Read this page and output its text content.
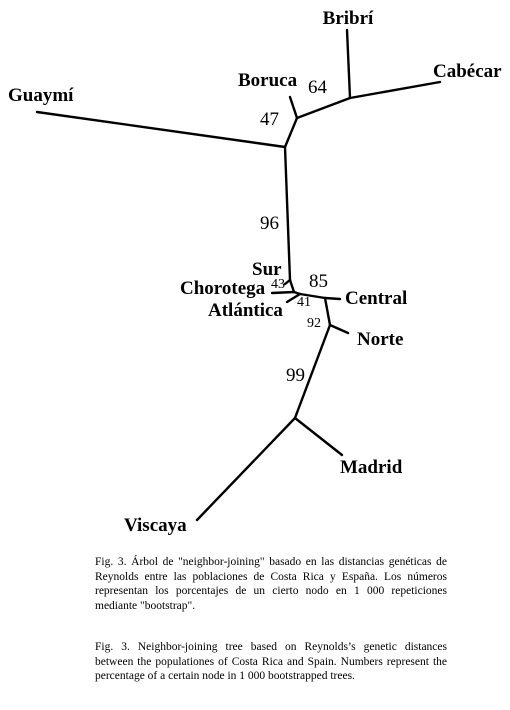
Bribrí
Cabécar
Boruca
Guaymí
Sur
Chorotega
Atlántica
Central
Norte
Madrid
Viscaya
64
47
96
43 85
41
92
99

Fig. 3. Árbol de "neighbor-joining" basado en las distancias genéticas de Reynolds entre las poblaciones de Costa Rica y España. Los números representan los porcentajes de un cierto nodo en 1 000 repeticiones mediante "bootstrap".

Fig. 3. Neighbor-joining tree based on Reynolds’s genetic distances between the populationes of Costa Rica and Spain. Numbers represent the percentage of a certain node in 1 000 bootstrapped trees.
